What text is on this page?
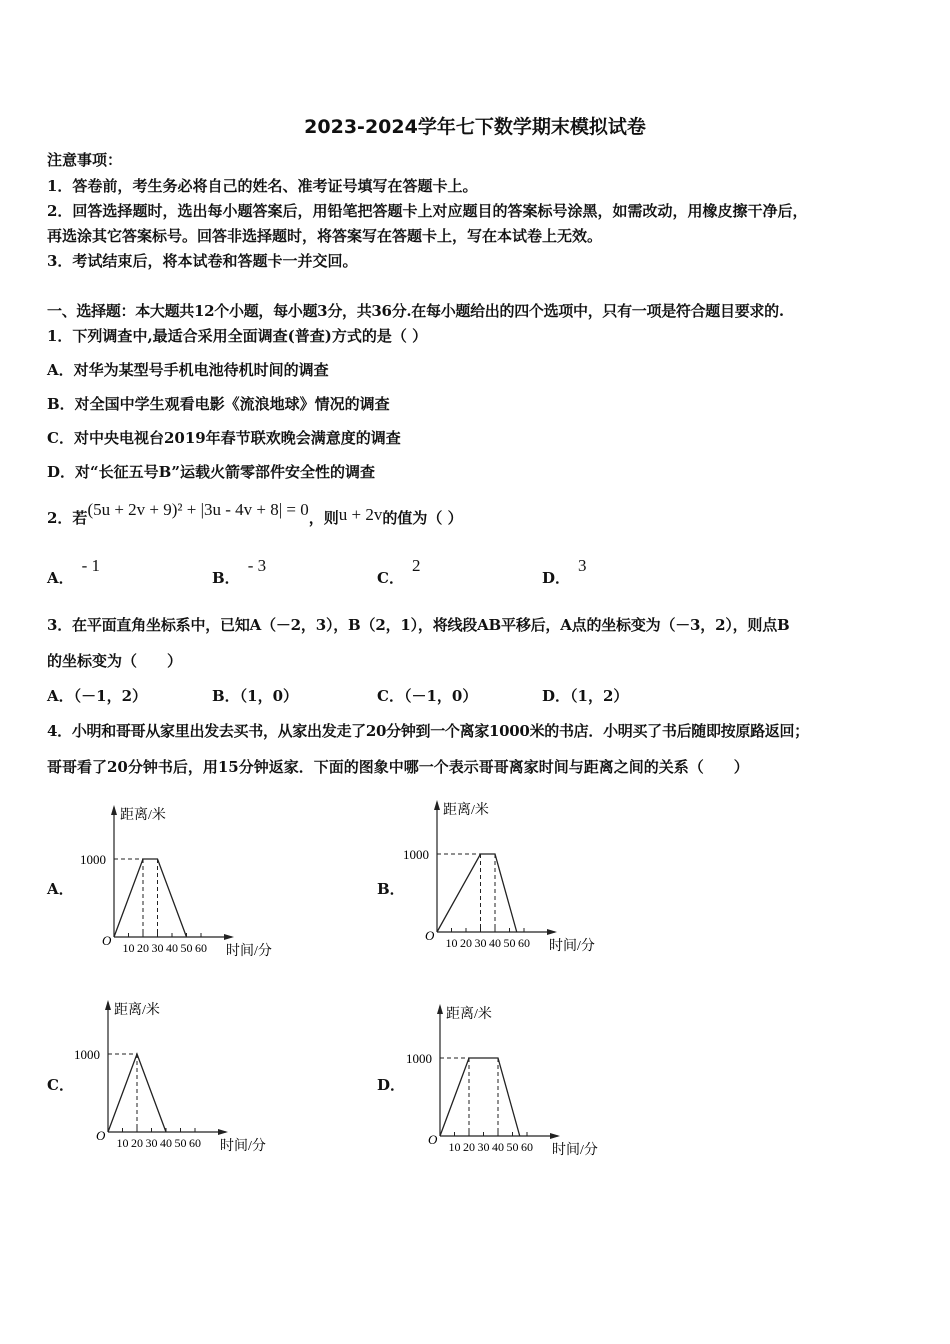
2023-2024学年七下数学期末模拟试卷
注意事项：
1．答卷前，考生务必将自己的姓名、准考证号填写在答题卡上。
2．回答选择题时，选出每小题答案后，用铅笔把答题卡上对应题目的答案标号涂黑，如需改动，用橡皮擦干净后，
再选涂其它答案标号。回答非选择题时，将答案写在答题卡上，写在本试卷上无效。
3．考试结束后，将本试卷和答题卡一并交回。
一、选择题：本大题共12个小题，每小题3分，共36分.在每小题给出的四个选项中，只有一项是符合题目要求的.
1．下列调查中,最适合采用全面调查(普查)方式的是（ ）
A．对华为某型号手机电池待机时间的调查
B．对全国中学生观看电影《流浪地球》情况的调查
C．对中央电视台2019年春节联欢晚会满意度的调查
D．对“长征五号B”运载火箭零部件安全性的调查
2．若(5u + 2v + 9)² + |3u - 4v + 8| = 0，则u + 2v的值为（ ）
A．- 1
B．- 3
C．2
D．3
3．在平面直角坐标系中，已知A（－2，3），B（2，1），将线段AB平移后，A点的坐标变为（－3，2），则点B
的坐标变为（　　）
A．（－1，2）	B．（1，0）	C．（－1，0）	D．（1，2）
4．小明和哥哥从家里出发去买书，从家出发走了20分钟到一个离家1000米的书店．小明买了书后随即按原路返回；
哥哥看了20分钟书后，用15分钟返家．下面的图象中哪一个表示哥哥离家时间与距离之间的关系（　　）
A．	B．
C．	D．
距离/米
时间/分
O
1000
10 20 30 40 50 60
距离/米
时间/分
O
1000
10 20 30 40 50 60
距离/米
时间/分
O
1000
10 20 30 40 50 60
距离/米
时间/分
O
1000
10 20 30 40 50 60
